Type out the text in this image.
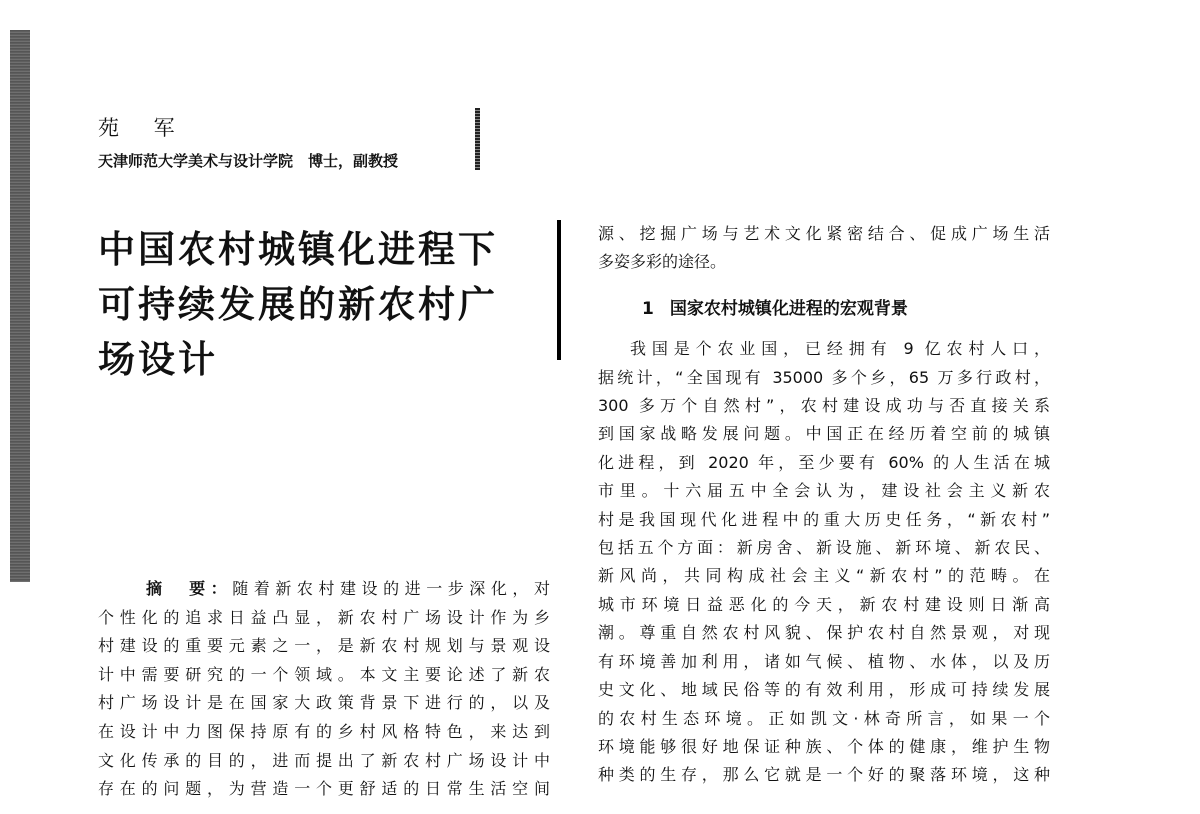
苑 军
天津师范大学美术与设计学院　博士，副教授
中国农村城镇化进程下
可持续发展的新农村广
场设计
摘　要：随着新农村建设的进一步深化，对
个性化的追求日益凸显，新农村广场设计作为乡
村建设的重要元素之一，是新农村规划与景观设
计中需要研究的一个领域。本文主要论述了新农
村广场设计是在国家大政策背景下进行的，以及
在设计中力图保持原有的乡村风格特色，来达到
文化传承的目的，进而提出了新农村广场设计中
存在的问题，为营造一个更舒适的日常生活空间
源、挖掘广场与艺术文化紧密结合、促成广场生活
多姿多彩的途径。
1 国家农村城镇化进程的宏观背景
我国是个农业国，已经拥有 9 亿农村人口，
据统计，“全国现有 35000 多个乡，65 万多行政村，
300 多万个自然村”，农村建设成功与否直接关系
到国家战略发展问题。中国正在经历着空前的城镇
化进程，到 2020 年，至少要有 60% 的人生活在城
市里。十六届五中全会认为，建设社会主义新农
村是我国现代化进程中的重大历史任务，“新农村”
包括五个方面：新房舍、新设施、新环境、新农民、
新风尚，共同构成社会主义“新农村”的范畴。在
城市环境日益恶化的今天，新农村建设则日渐高
潮。尊重自然农村风貌、保护农村自然景观，对现
有环境善加利用，诸如气候、植物、水体，以及历
史文化、地域民俗等的有效利用，形成可持续发展
的农村生态环境。正如凯文·林奇所言，如果一个
环境能够很好地保证种族、个体的健康，维护生物
种类的生存，那么它就是一个好的聚落环境，这种
